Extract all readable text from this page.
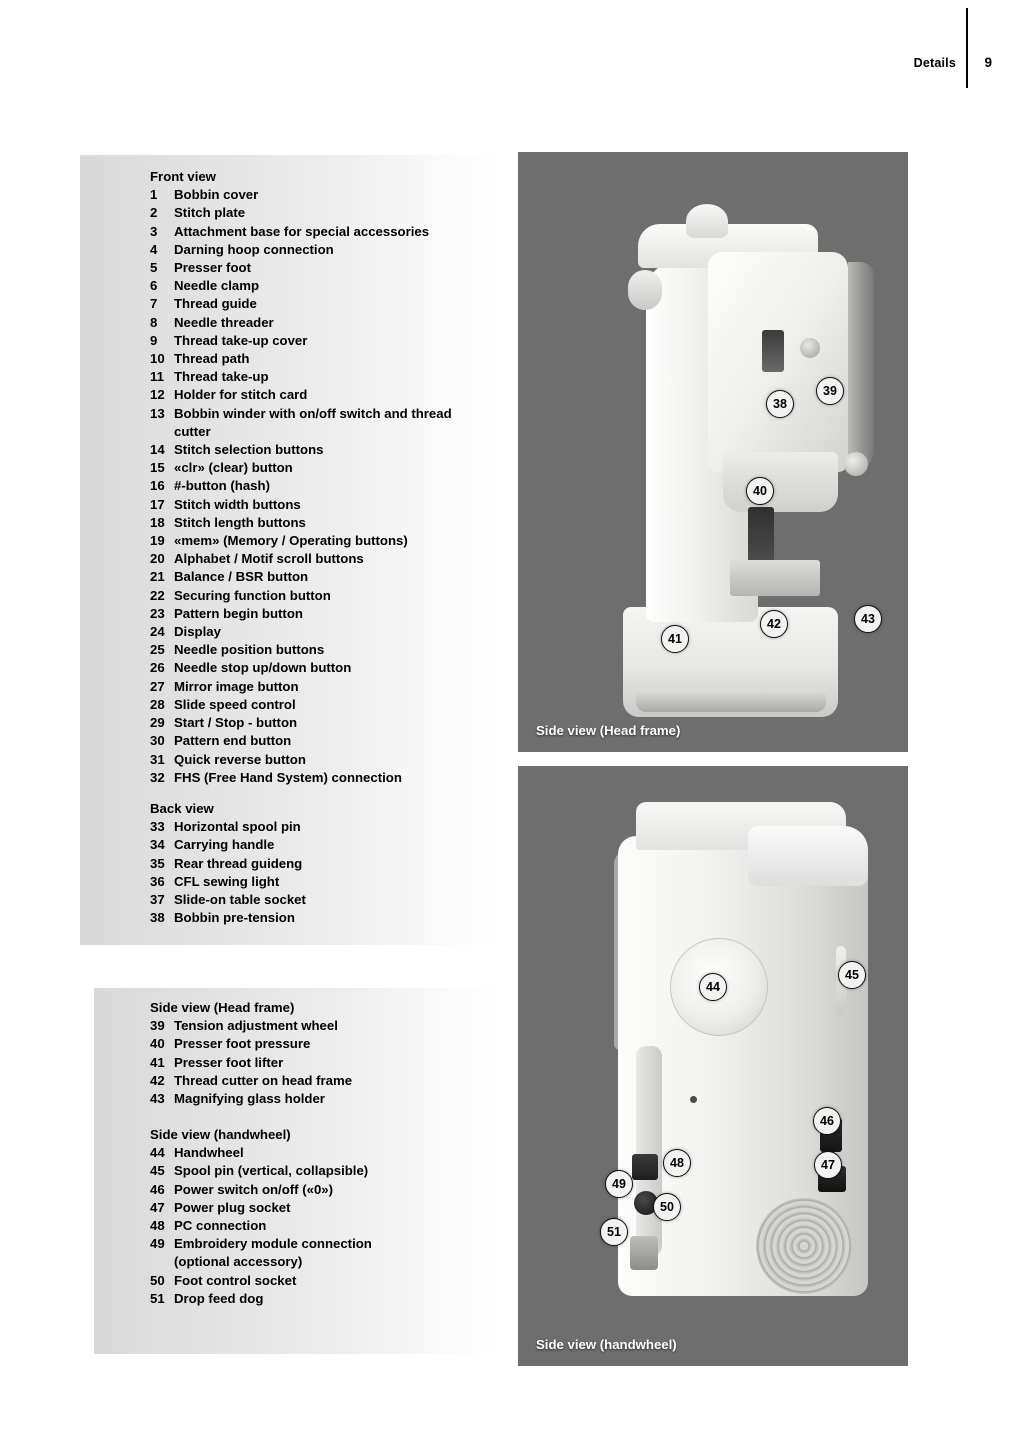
Details 9
Front view
1	Bobbin cover
2	Stitch plate
3	Attachment base for special accessories
4	Darning hoop connection
5	Presser foot
6	Needle clamp
7	Thread guide
8	Needle threader
9	Thread take-up cover
10 Thread path
11 Thread take-up
12 Holder for stitch card
13 Bobbin winder with on/off switch and thread
cutter
14 Stitch selection buttons
15 «clr» (clear) button
16 #-button (hash)
17 Stitch width buttons
18 Stitch length buttons
19 «mem» (Memory / Operating buttons)
20 Alphabet / Motif scroll buttons
21 Balance / BSR button
22 Securing function button
23 Pattern begin button
24 Display
25 Needle position buttons
26 Needle stop up/down button
27 Mirror image button
28 Slide speed control
29 Start / Stop - button
30 Pattern end button
31 Quick reverse button
32 FHS (Free Hand System) connection
Back view
33 Horizontal spool pin
34 Carrying handle
35 Rear thread guideng
36 CFL sewing light
37 Slide-on table socket
38 Bobbin pre-tension
Side view (Head frame)
39 Tension adjustment wheel
40 Presser foot pressure
41 Presser foot lifter
42 Thread cutter on head frame
43 Magnifying glass holder
Side view (handwheel)
44 Handwheel
45 Spool pin (vertical, collapsible)
46 Power switch on/off («0»)
47 Power plug socket
48 PC connection
49 Embroidery module connection
(optional accessory)
50 Foot control socket
51 Drop feed dog
38
39
40
41
42	43
Side view (Head frame)
44
45
46
47
48
49
50
51
Side view (handwheel)
